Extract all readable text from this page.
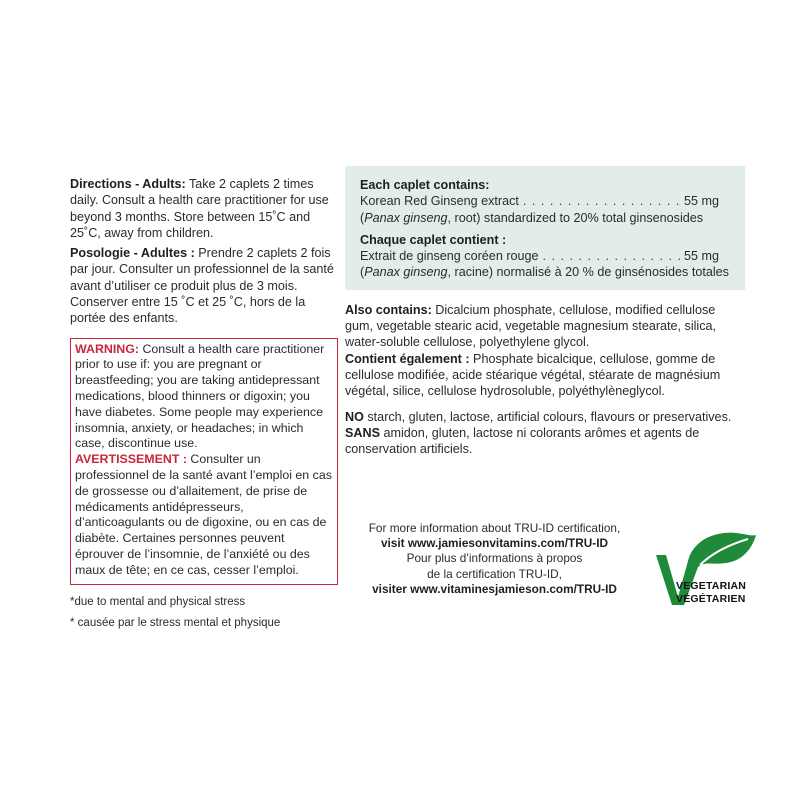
Directions - Adults: Take 2 caplets 2 times daily. Consult a health care practitioner for use beyond 3 months. Store between 15˚C and 25˚C, away from children.

Posologie - Adultes : Prendre 2 caplets 2 fois par jour. Consulter un professionnel de la santé avant d’utiliser ce produit plus de 3 mois. Conserver entre 15 ˚C et 25 ˚C, hors de la portée des enfants.

WARNING: Consult a health care practitioner prior to use if: you are pregnant or breastfeeding; you are taking antidepressant medications, blood thinners or digoxin; you have diabetes. Some people may experience insomnia, anxiety, or headaches; in which case, discontinue use.

AVERTISSEMENT : Consulter un professionnel de la santé avant l’emploi en cas de grossesse ou d’allaitement, de prise de médicaments antidépresseurs, d’anticoagulants ou de digoxine, ou en cas de diabète. Certaines personnes peuvent éprouver de l’insomnie, de l’anxiété ou des maux de tête; en ce cas, cesser l’emploi.

*due to mental and physical stress

* causée par le stress mental et physique

Each caplet contains:

Korean Red Ginseng extract . . .	55 mg

(Panax ginseng, root) standardized to 20% total ginsenosides

Chaque caplet contient :

Extrait de ginseng coréen rouge . . .	55 mg

(Panax ginseng, racine) normalisé à 20 % de ginsénosides totales

Also contains: Dicalcium phosphate, cellulose, modified cellulose gum, vegetable stearic acid, vegetable magnesium stearate, silica, water-soluble cellulose, polyethylene glycol.

Contient également : Phosphate bicalcique, cellulose, gomme de cellulose modifiée, acide stéarique végétal, stéarate de magnésium végétal, silice, cellulose hydrosoluble, polyéthylèneglycol.

NO starch, gluten, lactose, artificial colours, flavours or preservatives.

SANS amidon, gluten, lactose ni colorants arômes et agents de conservation artificiels.

For more information about TRU-ID certification,

visit www.jamiesonvitamins.com/TRU-ID

Pour plus d’informations à propos

de la certification TRU-ID,

visiter www.vitaminesjamieson.com/TRU-ID	VEGETARIAN
VÉGÉTARIEN
